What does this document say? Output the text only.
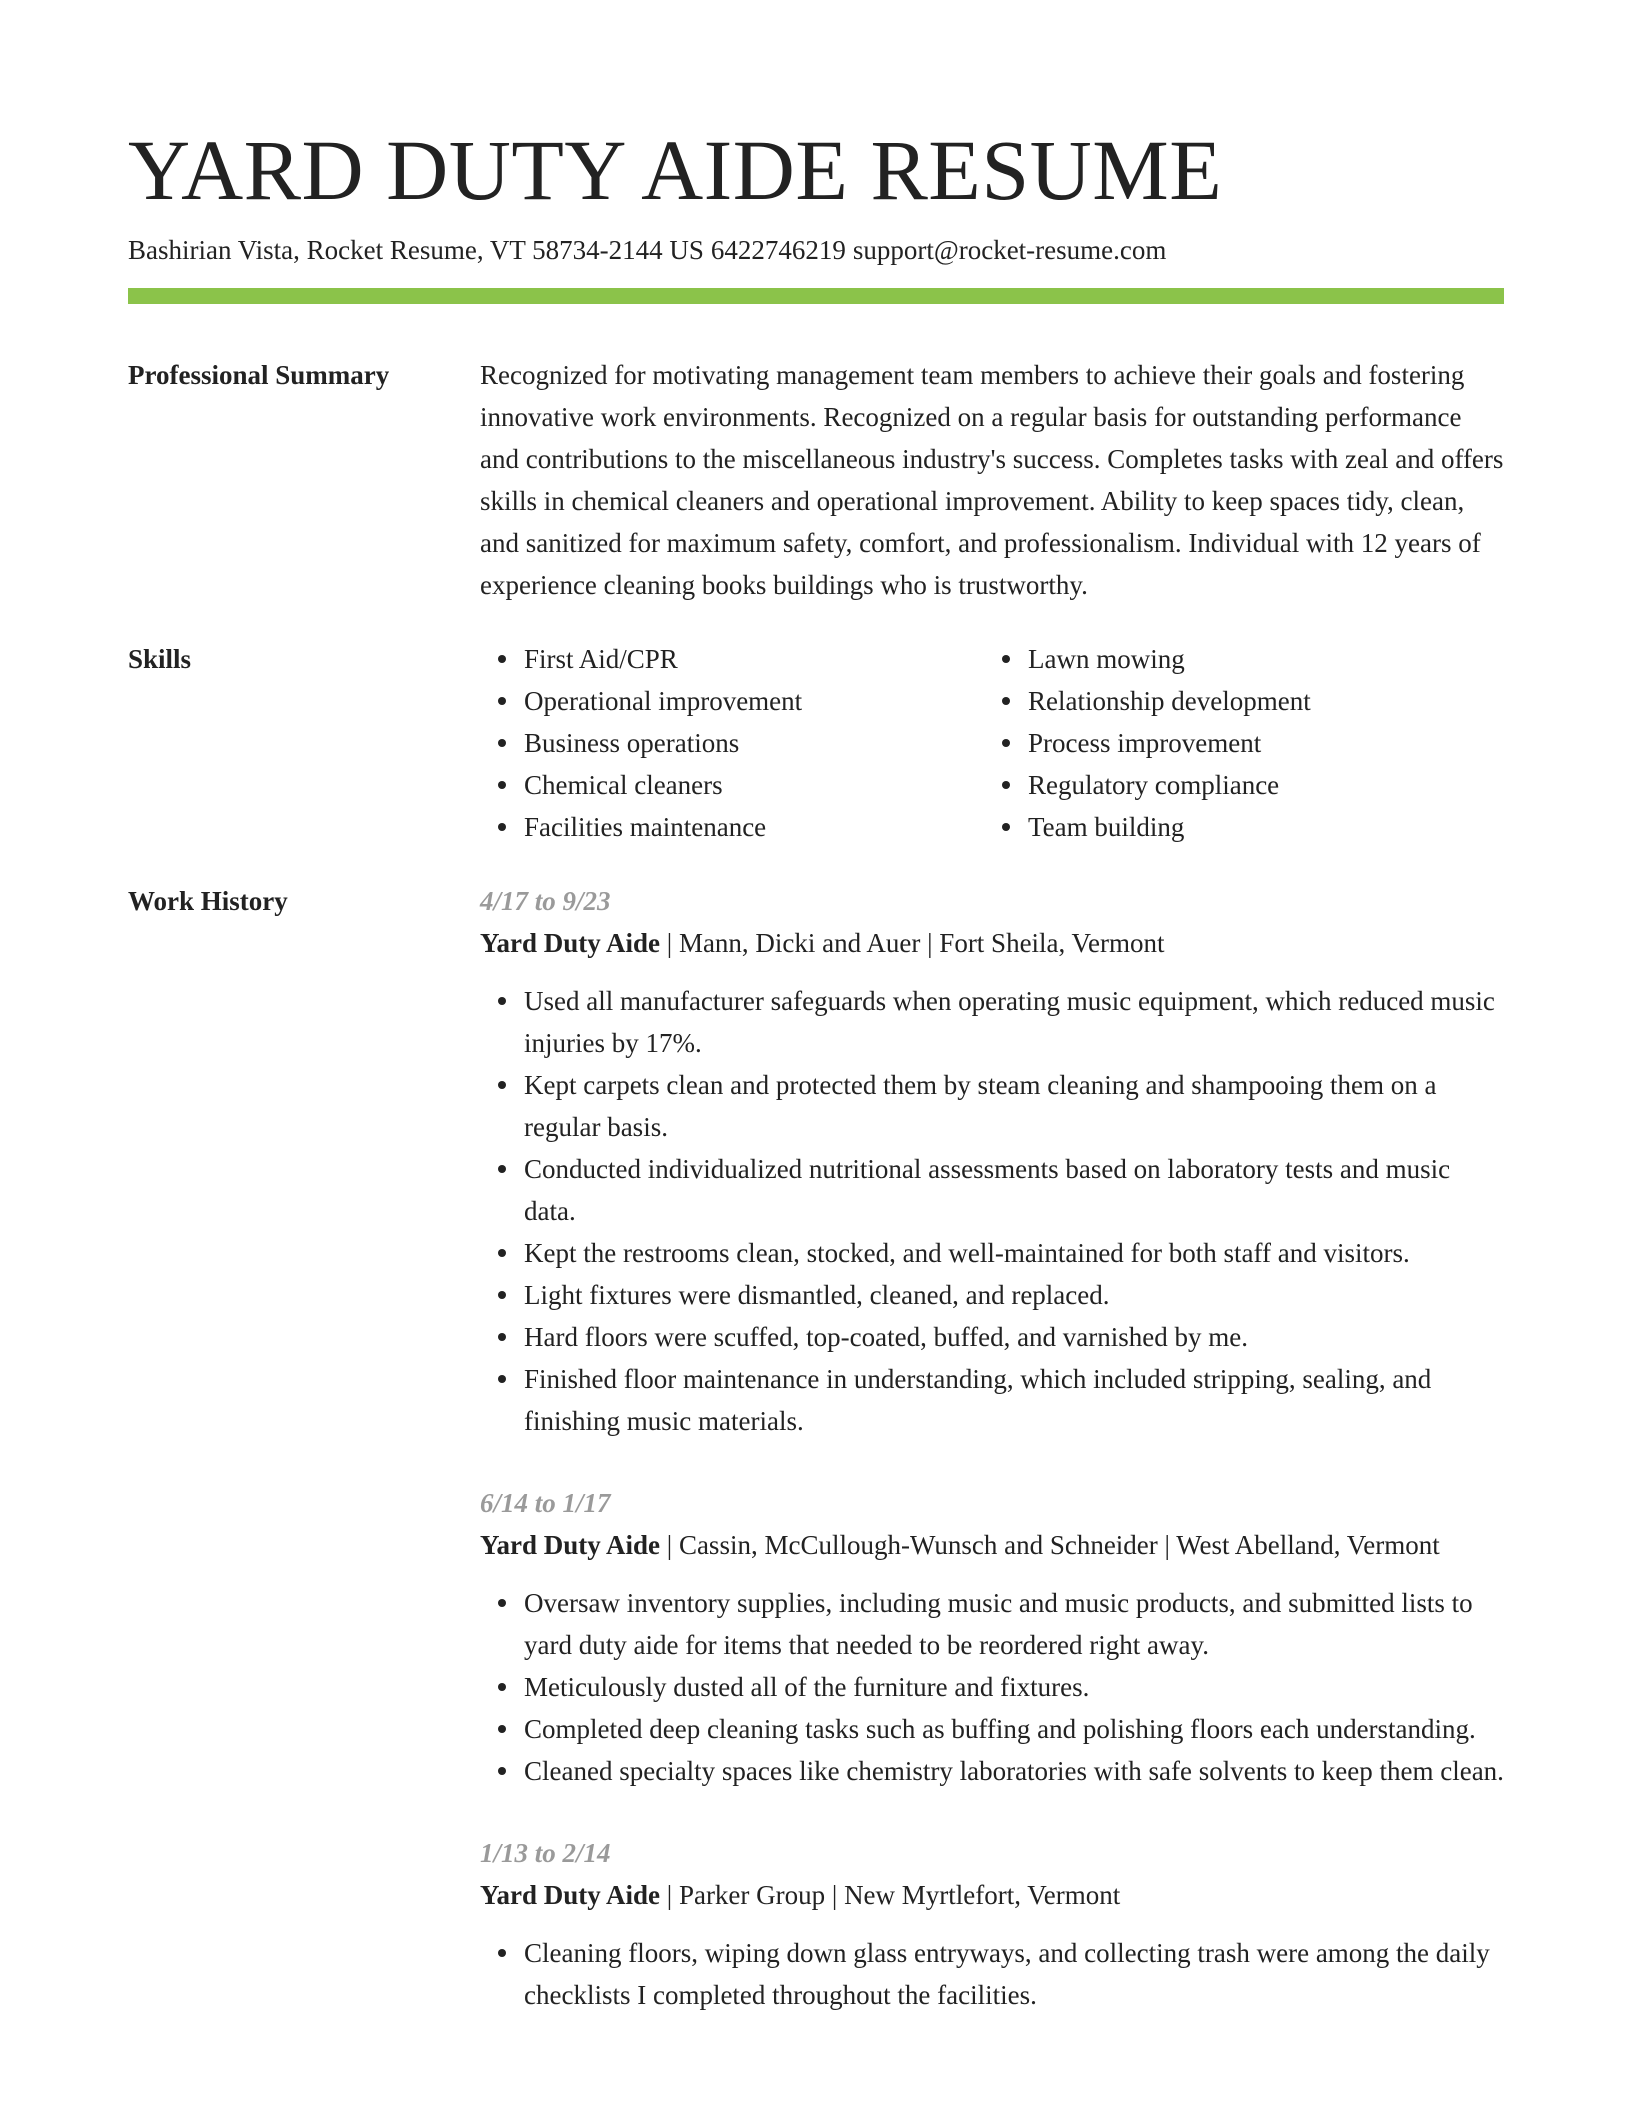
YARD DUTY AIDE RESUME
Bashirian Vista, Rocket Resume, VT 58734-2144 US 6422746219 support@rocket-resume.com
Professional Summary	Recognized for motivating management team members to achieve their goals and fostering innovative work environments. Recognized on a regular basis for outstanding performance and contributions to the miscellaneous industry's success. Completes tasks with zeal and offers skills in chemical cleaners and operational improvement. Ability to keep spaces tidy, clean, and sanitized for maximum safety, comfort, and professionalism. Individual with 12 years of experience cleaning books buildings who is trustworthy.

Skills	First Aid/CPR
Operational improvement
Business operations
Chemical cleaners
Facilities maintenance
Lawn mowing
Relationship development
Process improvement
Regulatory compliance
Team building
Work History	4/17 to 9/23
Yard Duty Aide | Mann, Dicki and Auer | Fort Sheila, Vermont
Used all manufacturer safeguards when operating music equipment, which reduced music injuries by 17%.
Kept carpets clean and protected them by steam cleaning and shampooing them on a regular basis.
Conducted individualized nutritional assessments based on laboratory tests and music data.
Kept the restrooms clean, stocked, and well-maintained for both staff and visitors.
Light fixtures were dismantled, cleaned, and replaced.
Hard floors were scuffed, top-coated, buffed, and varnished by me.
Finished floor maintenance in understanding, which included stripping, sealing, and finishing music materials.
6/14 to 1/17
Yard Duty Aide | Cassin, McCullough-Wunsch and Schneider | West Abelland, Vermont
Oversaw inventory supplies, including music and music products, and submitted lists to yard duty aide for items that needed to be reordered right away.
Meticulously dusted all of the furniture and fixtures.
Completed deep cleaning tasks such as buffing and polishing floors each understanding.
Cleaned specialty spaces like chemistry laboratories with safe solvents to keep them clean.
1/13 to 2/14
Yard Duty Aide | Parker Group | New Myrtlefort, Vermont
Cleaning floors, wiping down glass entryways, and collecting trash were among the daily checklists I completed throughout the facilities.
